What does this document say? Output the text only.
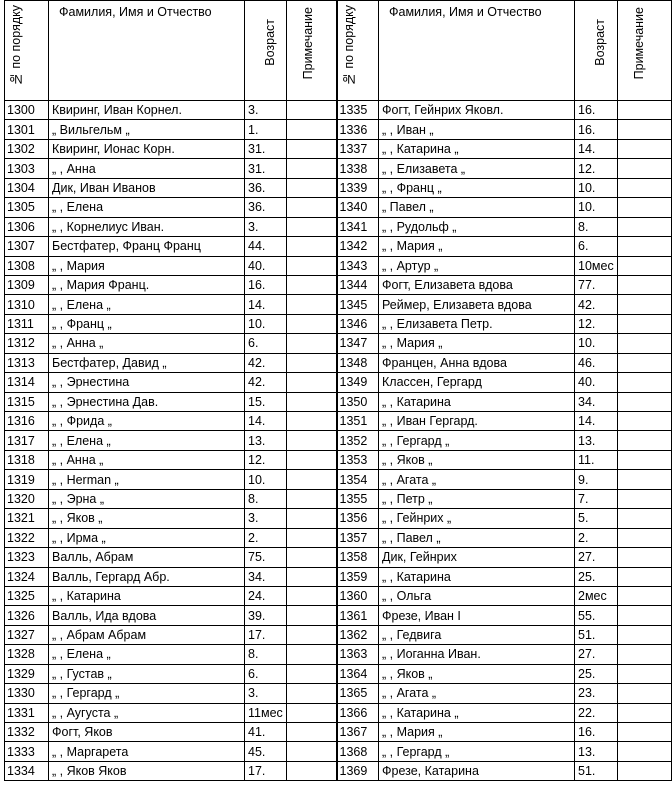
№ по порядку	Фамилия, Имя и Отчество	Возраст	Примечание	№ по порядку	Фамилия, Имя и Отчество	Возраст	Примечание
1300	Квиринг, Иван Корнел.	3.		1335	Фогт, Гейнрих Яковл.	16.	
1301	„ Вильгельм „	1.		1336	„ , Иван „	16.	
1302	Квиринг, Ионас Корн.	31.		1337	„ , Катарина „	14.	
1303	„ , Анна	31.		1338	„ , Елизавета „	12.	
1304	Дик, Иван Иванов	36.		1339	„ , Франц „	10.	
1305	„ , Елена	36.		1340	„ Павел „	10.	
1306	„ , Корнелиус Иван.	3.		1341	„ , Рудольф „	8.	
1307	Бестфатер, Франц Франц	44.		1342	„ , Мария „	6.	
1308	„ , Мария	40.		1343	„ , Артур „	10мес	
1309	„ , Мария Франц.	16.		1344	Фогт, Елизавета вдова	77.	
1310	„ , Елена „	14.		1345	Реймер, Елизавета вдова	42.	
1311	„ , Франц „	10.		1346	„ , Елизавета Петр.	12.	
1312	„ , Анна „	6.		1347	„ , Мария „	10.	
1313	Бестфатер, Давид „	42.		1348	Францен, Анна вдова	46.	
1314	„ , Эрнестина	42.		1349	Классен, Гергард	40.	
1315	„ , Эрнестина Дав.	15.		1350	„ , Катарина	34.	
1316	„ , Фрида „	14.		1351	„ , Иван Гергард.	14.	
1317	„ , Елена „	13.		1352	„ , Гергард „	13.	
1318	„ , Анна „	12.		1353	„ , Яков „	11.	
1319	„ , Herman „	10.		1354	„ , Агата „	9.	
1320	„ , Эрна „	8.		1355	„ , Петр „	7.	
1321	„ , Яков „	3.		1356	„ , Гейнрих „	5.	
1322	„ , Ирма „	2.		1357	„ , Павел „	2.	
1323	Валль, Абрам	75.		1358	Дик, Гейнрих	27.	
1324	Валль, Гергард Абр.	34.		1359	„ , Катарина	25.	
1325	„ , Катарина	24.		1360	„ , Ольга	2мес	
1326	Валль, Ида вдова	39.		1361	Фрезе, Иван I	55.	
1327	„ , Абрам Абрам	17.		1362	„ , Гедвига	51.	
1328	„ , Елена „	8.		1363	„ , Иоганна Иван.	27.	
1329	„ , Густав „	6.		1364	„ , Яков „	25.	
1330	„ , Гергард „	3.		1365	„ , Агата „	23.	
1331	„ , Аугуста „	11мес		1366	„ , Катарина „	22.	
1332	Фогт, Яков	41.		1367	„ , Мария „	16.	
1333	„ , Маргарета	45.		1368	„ , Гергард „	13.	
1334	„ , Яков Яков	17.		1369	Фрезе, Катарина	51.	
